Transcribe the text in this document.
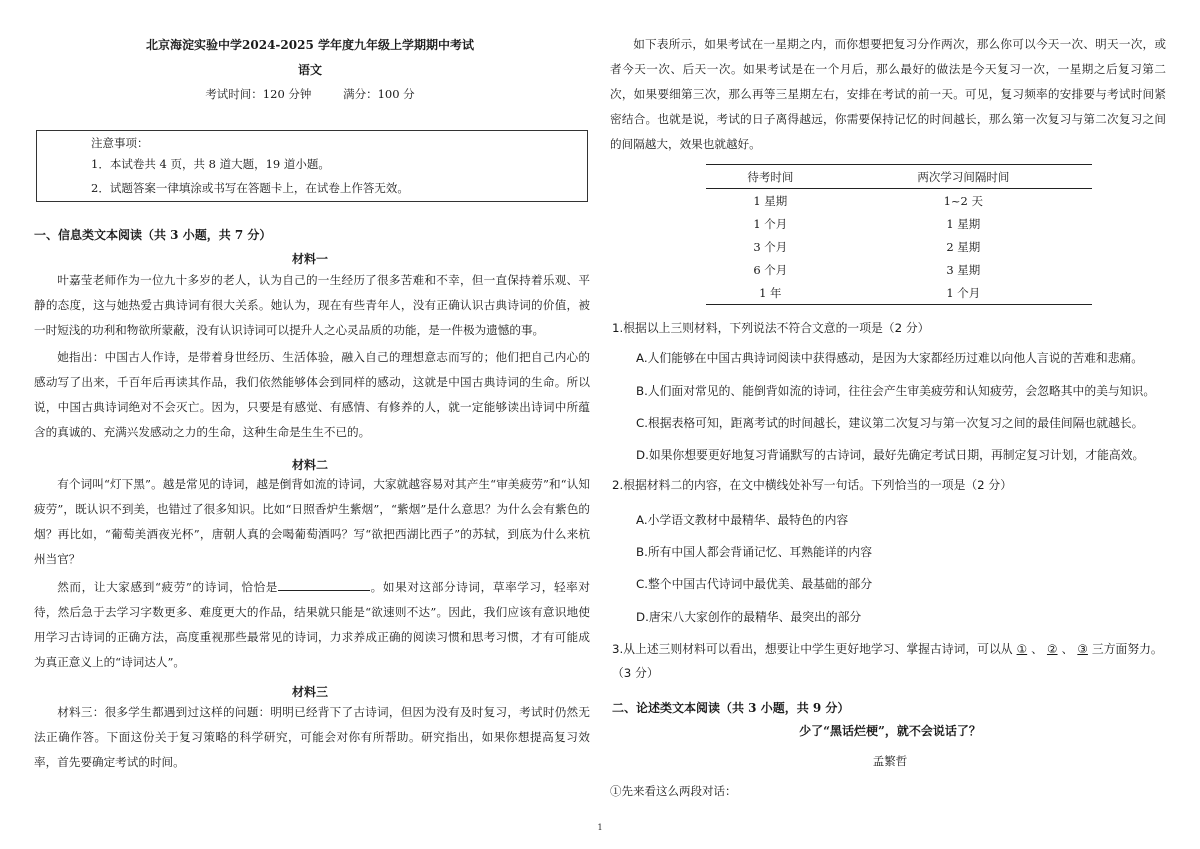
北京海淀实验中学2024-2025 学年度九年级上学期期中考试
语文
考试时间：120 分钟	满分：100 分
注意事项：
1．本试卷共 4 页，共 8 道大题，19 道小题。
2．试题答案一律填涂或书写在答题卡上，在试卷上作答无效。
一、信息类文本阅读（共 3 小题，共 7 分）
材料一
叶嘉莹老师作为一位九十多岁的老人，认为自己的一生经历了很多苦难和不幸，但一直保持着乐观、平静的态度，这与她热爱古典诗词有很大关系。她认为，现在有些青年人，没有正确认识古典诗词的价值，被一时短浅的功利和物欲所蒙蔽，没有认识诗词可以提升人之心灵品质的功能，是一件极为遗憾的事。
她指出：中国古人作诗，是带着身世经历、生活体验，融入自己的理想意志而写的；他们把自己内心的感动写了出来，千百年后再读其作品，我们依然能够体会到同样的感动，这就是中国古典诗词的生命。所以说，中国古典诗词绝对不会灭亡。因为，只要是有感觉、有感情、有修养的人，就一定能够读出诗词中所蕴含的真诚的、充满兴发感动之力的生命，这种生命是生生不已的。
材料二
有个词叫“灯下黑”。越是常见的诗词，越是倒背如流的诗词，大家就越容易对其产生“审美疲劳”和“认知疲劳”，既认识不到美，也错过了很多知识。比如“日照香炉生紫烟”，“紫烟”是什么意思？为什么会有紫色的烟？再比如，“葡萄美酒夜光杯”，唐朝人真的会喝葡萄酒吗？写“欲把西湖比西子”的苏轼，到底为什么来杭州当官？
然而，让大家感到“疲劳”的诗词，恰恰是	。如果对这部分诗词，草率学习，轻率对待，然后急于去学习字数更多、难度更大的作品，结果就只能是“欲速则不达”。因此，我们应该有意识地使用学习古诗词的正确方法，高度重视那些最常见的诗词，力求养成正确的阅读习惯和思考习惯，才有可能成为真正意义上的“诗词达人”。
材料三
材料三：很多学生都遇到过这样的问题：明明已经背下了古诗词，但因为没有及时复习，考试时仍然无法正确作答。下面这份关于复习策略的科学研究，可能会对你有所帮助。研究指出，如果你想提高复习效率，首先要确定考试的时间。
如下表所示，如果考试在一星期之内，而你想要把复习分作两次，那么你可以今天一次、明天一次，或者今天一次、后天一次。如果考试是在一个月后，那么最好的做法是今天复习一次，一星期之后复习第二次，如果要细第三次，那么再等三星期左右，安排在考试的前一天。可见，复习频率的安排要与考试时间紧密结合。也就是说，考试的日子离得越远，你需要保持记忆的时间越长，那么第一次复习与第二次复习之间的间隔越大，效果也就越好。
待考时间	两次学习间隔时间
1 星期	1~2 天
1 个月	1 星期
3 个月	2 星期
6 个月	3 星期
1 年	1 个月
1.根据以上三则材料，下列说法不符合文意的一项是（2 分）
A.人们能够在中国古典诗词阅读中获得感动，是因为大家都经历过难以向他人言说的苦难和悲痛。
B.人们面对常见的、能倒背如流的诗词，往往会产生审美疲劳和认知疲劳，会忽略其中的美与知识。
C.根据表格可知，距离考试的时间越长，建议第二次复习与第一次复习之间的最佳间隔也就越长。
D.如果你想要更好地复习背诵默写的古诗词，最好先确定考试日期，再制定复习计划，才能高效。
2.根据材料二的内容，在文中横线处补写一句话。下列恰当的一项是（2 分）
A.小学语文教材中最精华、最特色的内容
B.所有中国人都会背诵记忆、耳熟能详的内容
C.整个中国古代诗词中最优美、最基础的部分
D.唐宋八大家创作的最精华、最突出的部分
3.从上述三则材料可以看出，想要让中学生更好地学习、掌握古诗词，可以从 ① 、 ② 、 ③ 三方面努力。（3 分）
二、论述类文本阅读（共 3 小题，共 9 分）
少了“黑话烂梗”，就不会说话了？
孟繁哲
①先来看这么两段对话：
1
